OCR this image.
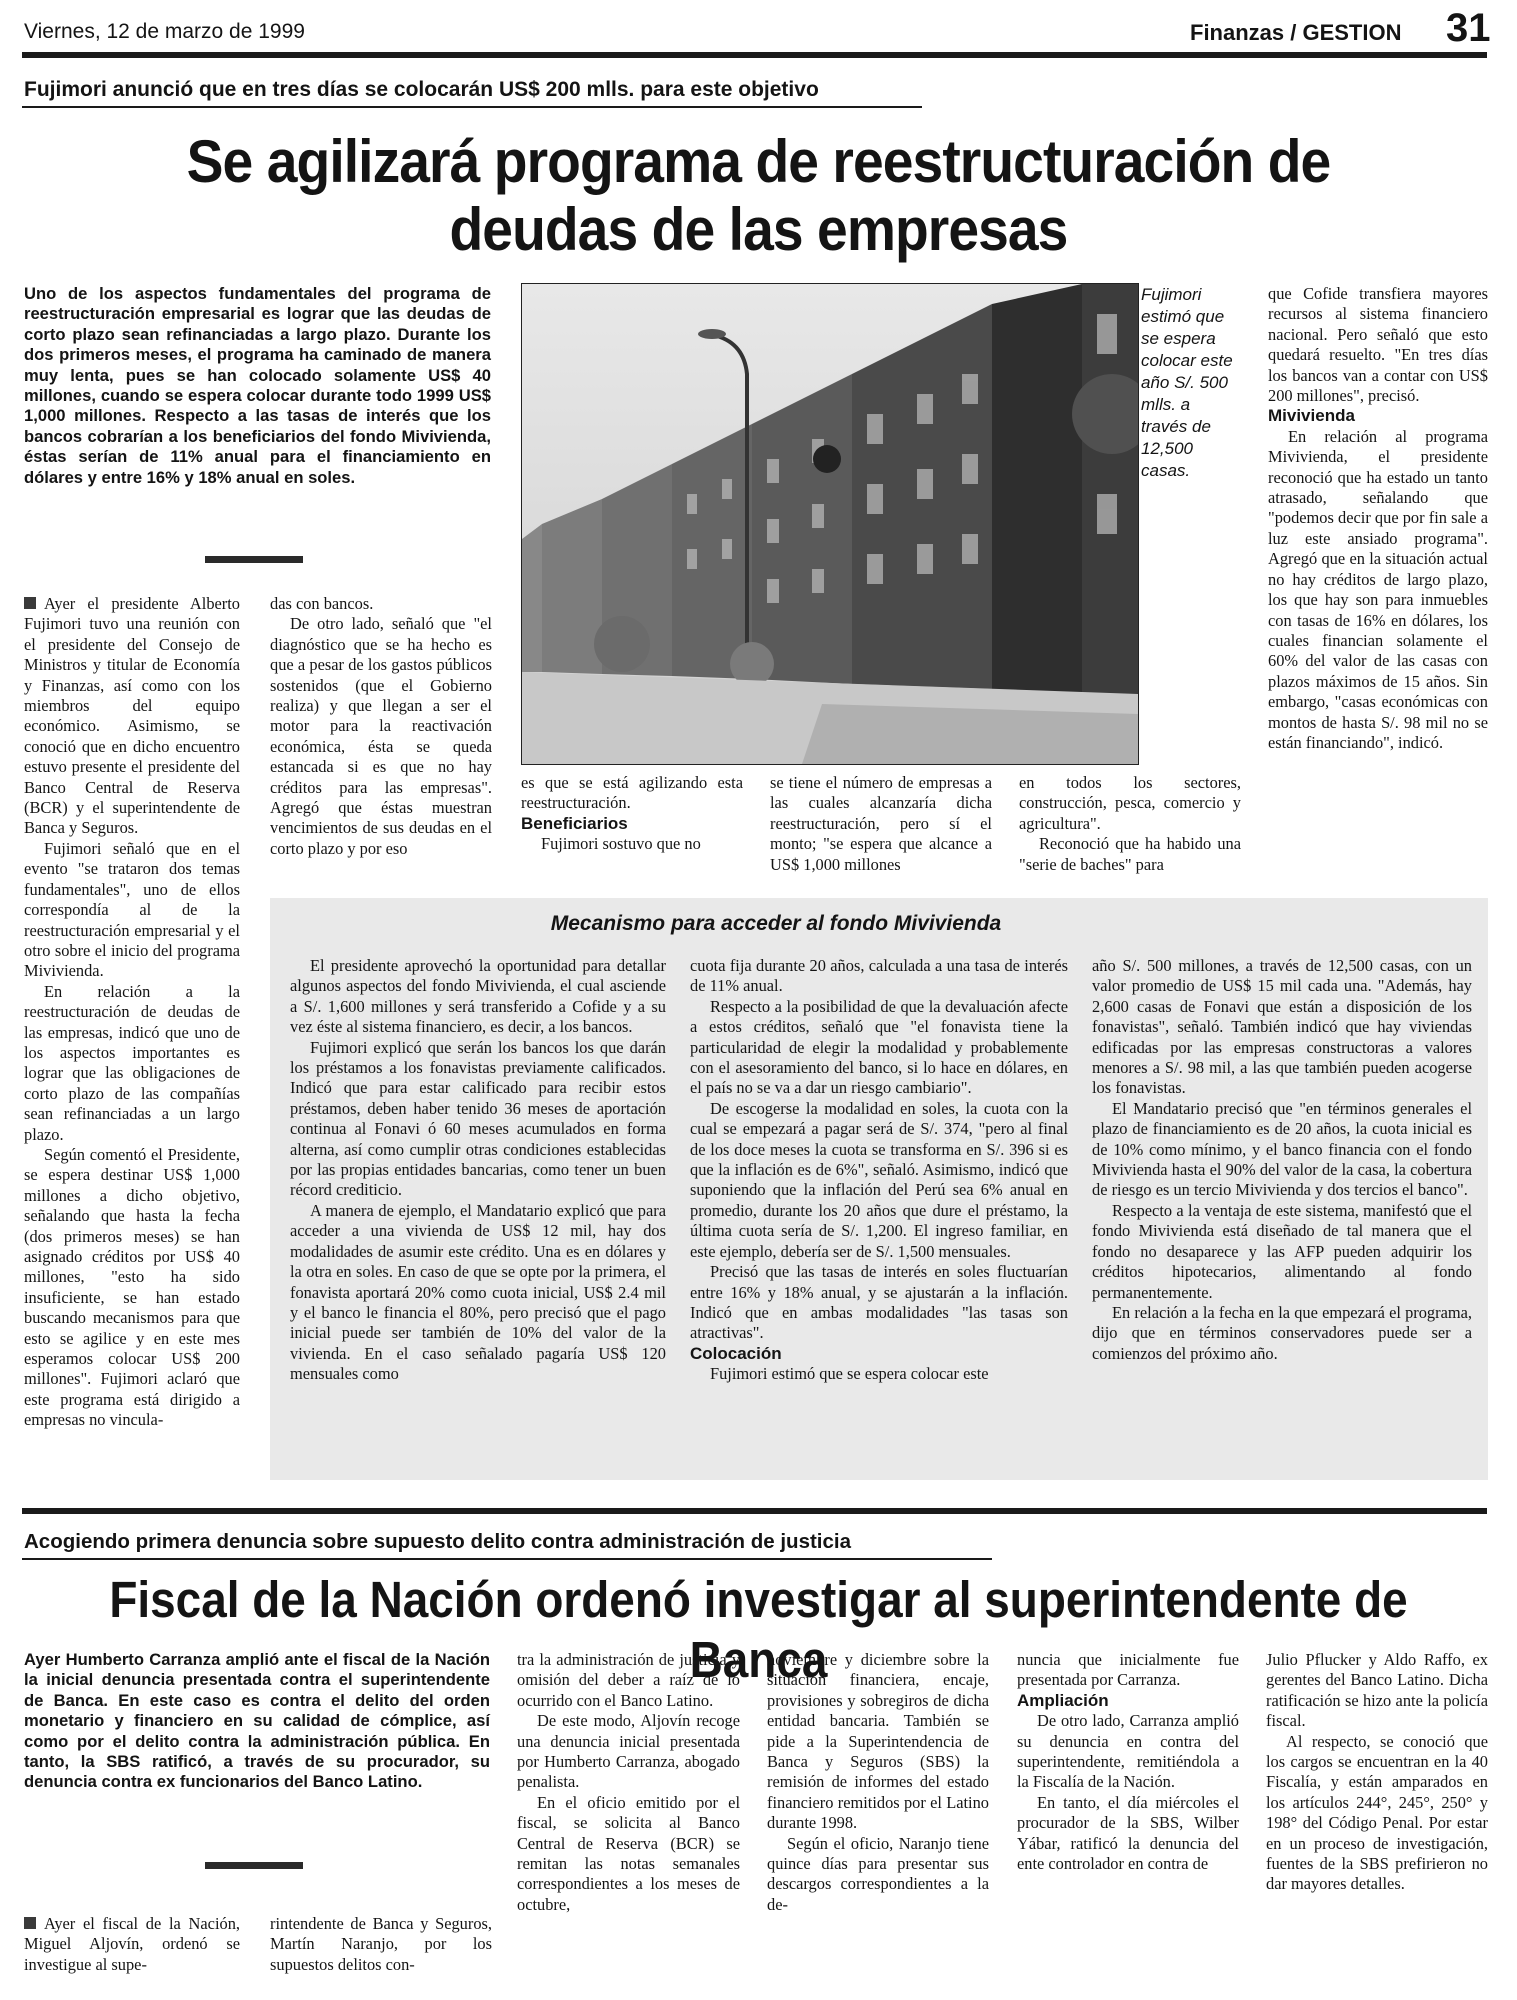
Viernes, 12 de marzo de 1999	Finanzas / GESTION 31
Fujimori anunció que en tres días se colocarán US$ 200 mlls. para este objetivo
Se agilizará programa de reestructuración de
deudas de las empresas
Uno de los aspectos fundamentales del programa de reestructuración empresarial es lograr que las deudas de corto plazo sean refinanciadas a largo plazo. Durante los dos primeros meses, el programa ha caminado de manera muy lenta, pues se han colocado solamente US$ 40 millones, cuando se espera colocar durante todo 1999 US$ 1,000 millones. Respecto a las tasas de interés que los bancos cobrarían a los beneficiarios del fondo Mivivienda, éstas serían de 11% anual para el financiamiento en dólares y entre 16% y 18% anual en soles.
Fujimori estimó que se espera colocar este año S/. 500 mlls. a través de 12,500 casas.

Ayer el presidente Alberto Fujimori tuvo una reunión con el presidente del Consejo de Ministros y titular de Economía y Finanzas, así como con los miembros del equipo económico. Asimismo, se conoció que en dicho encuentro estuvo presente el presidente del Banco Central de Reserva (BCR) y el superintendente de Banca y Seguros.

Fujimori señaló que en el evento "se trataron dos temas fundamentales", uno de ellos correspondía al de la reestructuración empresarial y el otro sobre el inicio del programa Mivivienda.

En relación a la reestructuración de deudas de las empresas, indicó que uno de los aspectos importantes es lograr que las obligaciones de corto plazo de las compañías sean refinanciadas a un largo plazo.

Según comentó el Presidente, se espera destinar US$ 1,000 millones a dicho objetivo, señalando que hasta la fecha (dos primeros meses) se han asignado créditos por US$ 40 millones, "esto ha sido insuficiente, se han estado buscando mecanismos para que esto se agilice y en este mes esperamos colocar US$ 200 millones". Fujimori aclaró que este programa está dirigido a empresas no vincula-

das con bancos.

De otro lado, señaló que "el diagnóstico que se ha hecho es que a pesar de los gastos públicos sostenidos (que el Gobierno realiza) y que llegan a ser el motor para la reactivación económica, ésta se queda estancada si es que no hay créditos para las empresas". Agregó que éstas muestran vencimientos de sus deudas en el corto plazo y por eso

es que se está agilizando esta reestructuración.

Beneficiarios

Fujimori sostuvo que no

se tiene el número de empresas a las cuales alcanzaría dicha reestructuración, pero sí el monto; "se espera que alcance a US$ 1,000 millones

en todos los sectores, construcción, pesca, comercio y agricultura".

Reconoció que ha habido una "serie de baches" para

que Cofide transfiera mayores recursos al sistema financiero nacional. Pero señaló que esto quedará resuelto. "En tres días los bancos van a contar con US$ 200 millones", precisó.

Mivivienda

En relación al programa Mivivienda, el presidente reconoció que ha estado un tanto atrasado, señalando que "podemos decir que por fin sale a luz este ansiado programa". Agregó que en la situación actual no hay créditos de largo plazo, los que hay son para inmuebles con tasas de 16% en dólares, los cuales financian solamente el 60% del valor de las casas con plazos máximos de 15 años. Sin embargo, "casas económicas con montos de hasta S/. 98 mil no se están financiando", indicó.

Mecanismo para acceder al fondo Mivivienda

El presidente aprovechó la oportunidad para detallar algunos aspectos del fondo Mivivienda, el cual asciende a S/. 1,600 millones y será transferido a Cofide y a su vez éste al sistema financiero, es decir, a los bancos.

Fujimori explicó que serán los bancos los que darán los préstamos a los fonavistas previamente calificados. Indicó que para estar calificado para recibir estos préstamos, deben haber tenido 36 meses de aportación continua al Fonavi ó 60 meses acumulados en forma alterna, así como cumplir otras condiciones establecidas por las propias entidades bancarias, como tener un buen récord crediticio.

A manera de ejemplo, el Mandatario explicó que para acceder a una vivienda de US$ 12 mil, hay dos modalidades de asumir este crédito. Una es en dólares y la otra en soles. En caso de que se opte por la primera, el fonavista aportará 20% como cuota inicial, US$ 2.4 mil y el banco le financia el 80%, pero precisó que el pago inicial puede ser también de 10% del valor de la vivienda. En el caso señalado pagaría US$ 120 mensuales como

cuota fija durante 20 años, calculada a una tasa de interés de 11% anual.

Respecto a la posibilidad de que la devaluación afecte a estos créditos, señaló que "el fonavista tiene la particularidad de elegir la modalidad y probablemente con el asesoramiento del banco, si lo hace en dólares, en el país no se va a dar un riesgo cambiario".

De escogerse la modalidad en soles, la cuota con la cual se empezará a pagar será de S/. 374, "pero al final de los doce meses la cuota se transforma en S/. 396 si es que la inflación es de 6%", señaló. Asimismo, indicó que suponiendo que la inflación del Perú sea 6% anual en promedio, durante los 20 años que dure el préstamo, la última cuota sería de S/. 1,200. El ingreso familiar, en este ejemplo, debería ser de S/. 1,500 mensuales.

Precisó que las tasas de interés en soles fluctuarían entre 16% y 18% anual, y se ajustarán a la inflación. Indicó que en ambas modalidades "las tasas son atractivas".

Colocación

Fujimori estimó que se espera colocar este

año S/. 500 millones, a través de 12,500 casas, con un valor promedio de US$ 15 mil cada una. "Además, hay 2,600 casas de Fonavi que están a disposición de los fonavistas", señaló. También indicó que hay viviendas edificadas por las empresas constructoras a valores menores a S/. 98 mil, a las que también pueden acogerse los fonavistas.

El Mandatario precisó que "en términos generales el plazo de financiamiento es de 20 años, la cuota inicial es de 10% como mínimo, y el banco financia con el fondo Mivivienda hasta el 90% del valor de la casa, la cobertura de riesgo es un tercio Mivivienda y dos tercios el banco".

Respecto a la ventaja de este sistema, manifestó que el fondo Mivivienda está diseñado de tal manera que el fondo no desaparece y las AFP pueden adquirir los créditos hipotecarios, alimentando al fondo permanentemente.

En relación a la fecha en la que empezará el programa, dijo que en términos conservadores puede ser a comienzos del próximo año.

Acogiendo primera denuncia sobre supuesto delito contra administración de justicia
Fiscal de la Nación ordenó investigar al superintendente de Banca
Ayer Humberto Carranza amplió ante el fiscal de la Nación la inicial denuncia presentada contra el superintendente de Banca. En este caso es contra el delito del orden monetario y financiero en su calidad de cómplice, así como por el delito contra la administración pública. En tanto, la SBS ratificó, a través de su procurador, su denuncia contra ex funcionarios del Banco Latino.

Ayer el fiscal de la Nación, Miguel Aljovín, ordenó se investigue al supe-

rintendente de Banca y Seguros, Martín Naranjo, por los supuestos delitos con-

tra la administración de justicia y omisión del deber a raíz de lo ocurrido con el Banco Latino.

De este modo, Aljovín recoge una denuncia inicial presentada por Humberto Carranza, abogado penalista.

En el oficio emitido por el fiscal, se solicita al Banco Central de Reserva (BCR) se remitan las notas semanales correspondientes a los meses de octubre,

noviembre y diciembre sobre la situación financiera, encaje, provisiones y sobregiros de dicha entidad bancaria. También se pide a la Superintendencia de Banca y Seguros (SBS) la remisión de informes del estado financiero remitidos por el Latino durante 1998.

Según el oficio, Naranjo tiene quince días para presentar sus descargos correspondientes a la de-

nuncia que inicialmente fue presentada por Carranza.

Ampliación

De otro lado, Carranza amplió su denuncia en contra del superintendente, remitiéndola a la Fiscalía de la Nación.

En tanto, el día miércoles el procurador de la SBS, Wilber Yábar, ratificó la denuncia del ente controlador en contra de

Julio Pflucker y Aldo Raffo, ex gerentes del Banco Latino. Dicha ratificación se hizo ante la policía fiscal.

Al respecto, se conoció que los cargos se encuentran en la 40 Fiscalía, y están amparados en los artículos 244°, 245°, 250° y 198° del Código Penal. Por estar en un proceso de investigación, fuentes de la SBS prefirieron no dar mayores detalles.
